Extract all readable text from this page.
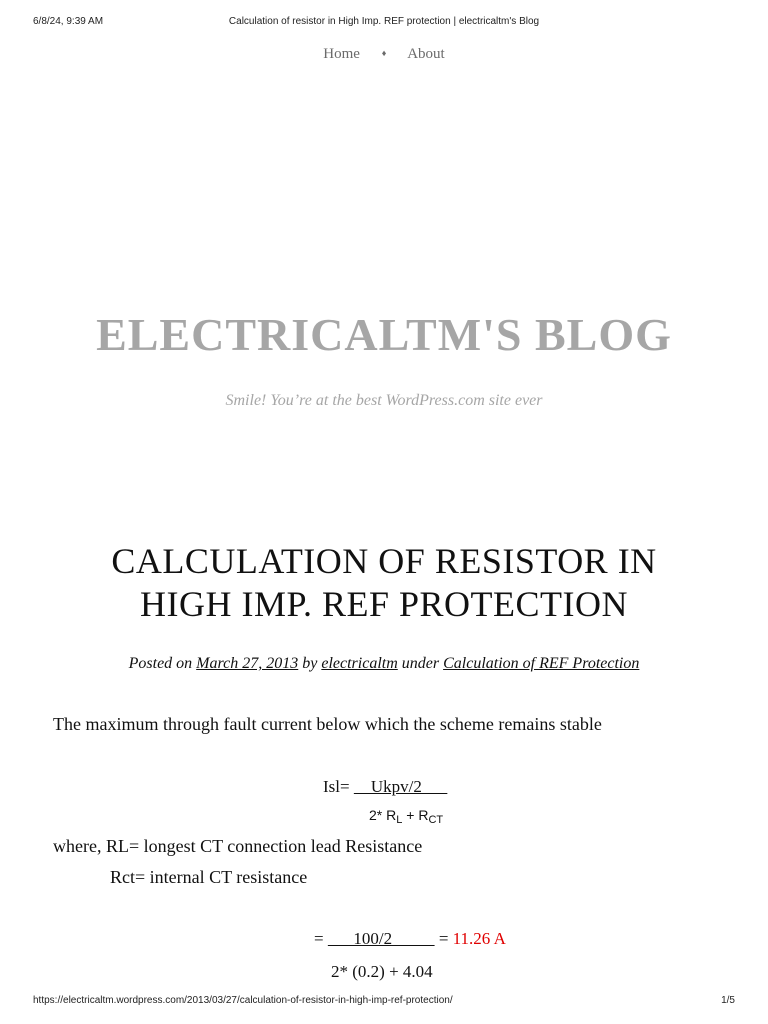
6/8/24, 9:39 AM	Calculation of resistor in High Imp. REF protection | electricaltm's Blog
Home ♦ About
ELECTRICALTM'S BLOG
Smile! You’re at the best WordPress.com site ever
CALCULATION OF RESISTOR IN
HIGH IMP. REF PROTECTION
Posted on March 27, 2013 by electricaltm under Calculation of REF Protection
The maximum through fault current below which the scheme remains stable
Isl=     Ukpv/2
2* $R_L + R_{CT}$
where, RL= longest CT connection lead Resistance
Rct= internal CT resistance
=       100/2           = 11.26 A
2* (0.2) + 4.04
https://electricaltm.wordpress.com/2013/03/27/calculation-of-resistor-in-high-imp-ref-protection/	1/5
